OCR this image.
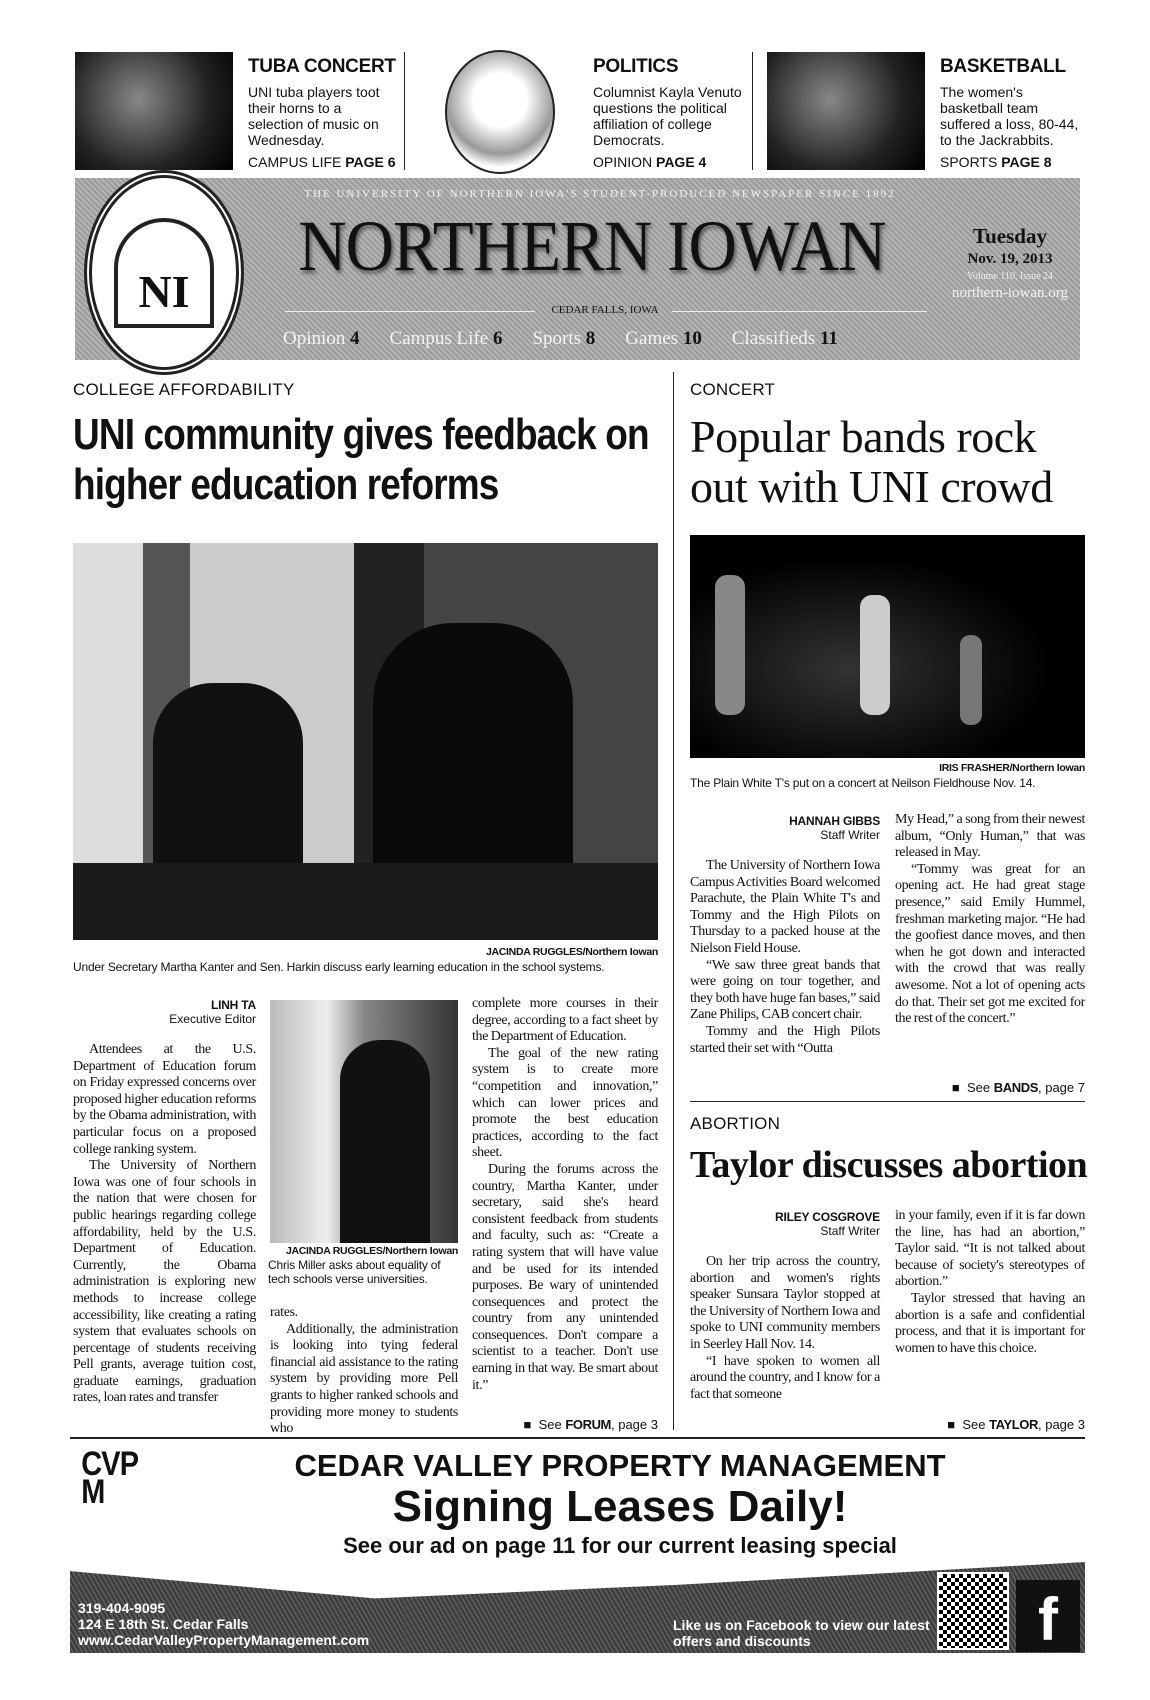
TUBA CONCERT
UNI tuba players toot their horns to a selection of music on Wednesday.
CAMPUS LIFE PAGE 6
POLITICS
Columnist Kayla Venuto questions the political affiliation of college Democrats.
OPINION PAGE 4
BASKETBALL
The women's basketball team suffered a loss, 80-44, to the Jackrabbits.
SPORTS PAGE 8
NI
THE UNIVERSITY OF NORTHERN IOWA'S STUDENT-PRODUCED NEWSPAPER SINCE 1892
NORTHERN IOWAN
CEDAR FALLS, IOWA
Tuesday
Nov. 19, 2013
Volume 110, Issue 24
northern-iowan.org
Opinion 4 Campus Life 6 Sports 8 Games 10 Classifieds 11
COLLEGE AFFORDABILITY
UNI community gives feedback on higher education reforms
JACINDA RUGGLES/Northern Iowan
Under Secretary Martha Kanter and Sen. Harkin discuss early learning education in the school systems.
LINH TA
Executive Editor

Attendees at the U.S. Department of Education forum on Friday expressed concerns over proposed higher education reforms by the Obama administration, with particular focus on a proposed college ranking system.

The University of Northern Iowa was one of four schools in the nation that were chosen for public hearings regarding college affordability, held by the U.S. Department of Education. Currently, the Obama administration is exploring new methods to increase college accessibility, like creating a rating system that evaluates schools on percentage of students receiving Pell grants, average tuition cost, graduate earnings, graduation rates, loan rates and transfer

JACINDA RUGGLES/Northern Iowan
Chris Miller asks about equality of tech schools verse universities.
rates.

Additionally, the administration is looking into tying federal financial aid assistance to the rating system by providing more Pell grants to higher ranked schools and providing more money to students who

complete more courses in their degree, according to a fact sheet by the Department of Education.

The goal of the new rating system is to create more “competition and innovation,” which can lower prices and promote the best education practices, according to the fact sheet.

During the forums across the country, Martha Kanter, under secretary, said she's heard consistent feedback from students and faculty, such as: “Create a rating system that will have value and be used for its intended purposes. Be wary of unintended consequences and protect the country from any unintended consequences. Don't compare a scientist to a teacher. Don't use earning in that way. Be smart about it.”

■  See FORUM, page 3
CONCERT
Popular bands rock out with UNI crowd
IRIS FRASHER/Northern Iowan
The Plain White T's put on a concert at Neilson Fieldhouse Nov. 14.
HANNAH GIBBS
Staff Writer

The University of Northern Iowa Campus Activities Board welcomed Parachute, the Plain White T's and Tommy and the High Pilots on Thursday to a packed house at the Nielson Field House.

“We saw three great bands that were going on tour together, and they both have huge fan bases,” said Zane Philips, CAB concert chair.

Tommy and the High Pilots started their set with “Outta

My Head,” a song from their newest album, “Only Human,” that was released in May.

“Tommy was great for an opening act. He had great stage presence,” said Emily Hummel, freshman marketing major. “He had the goofiest dance moves, and then when he got down and interacted with the crowd that was really awesome. Not a lot of opening acts do that. Their set got me excited for the rest of the concert.”

■  See BANDS, page 7
ABORTION
Taylor discusses abortion
RILEY COSGROVE
Staff Writer

On her trip across the country, abortion and women's rights speaker Sunsara Taylor stopped at the University of Northern Iowa and spoke to UNI community members in Seerley Hall Nov. 14.

“I have spoken to women all around the country, and I know for a fact that someone

in your family, even if it is far down the line, has had an abortion,” Taylor said. “It is not talked about because of society's stereotypes of abortion.”

Taylor stressed that having an abortion is a safe and confidential process, and that it is important for women to have this choice.

■  See TAYLOR, page 3
CVPM
CEDAR VALLEY PROPERTY MANAGEMENT
Signing Leases Daily!
See our ad on page 11 for our current leasing special
319-404-9095
124 E 18th St. Cedar Falls
www.CedarValleyPropertyManagement.com
Like us on Facebook to view our latest offers and discounts	f
